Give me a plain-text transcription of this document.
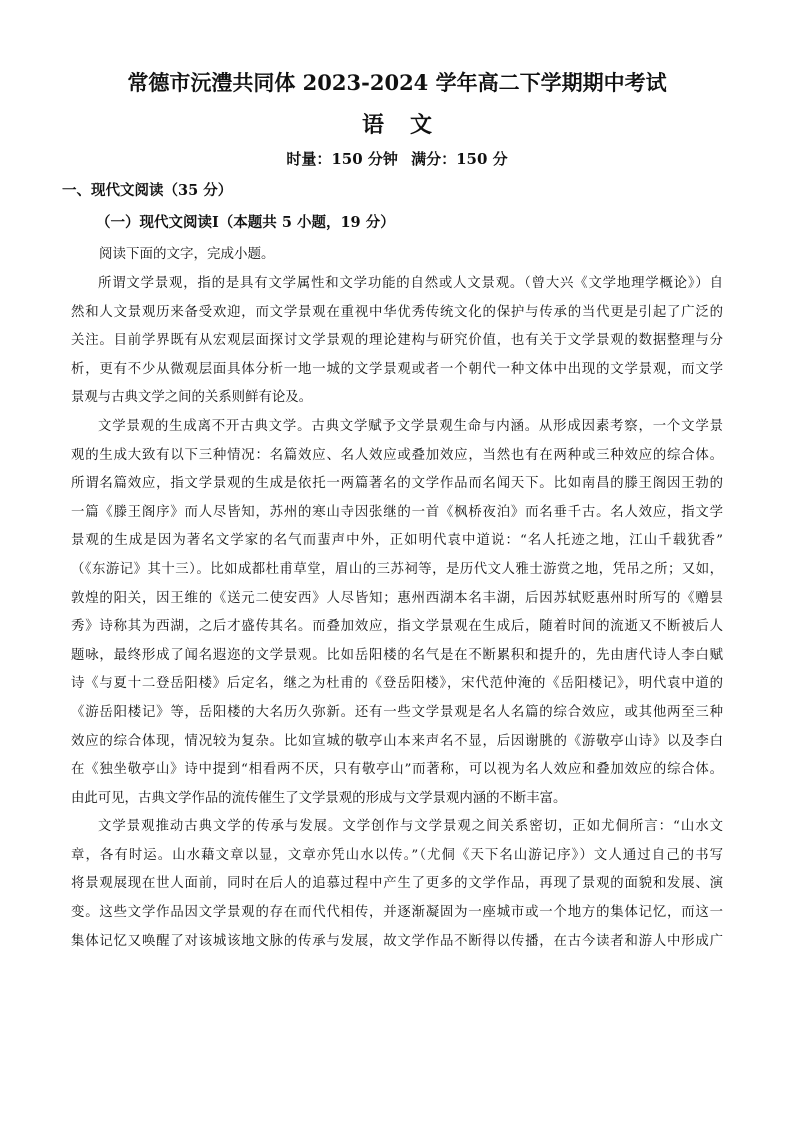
常德市沅澧共同体 2023-2024 学年高二下学期期中考试
语文
时量：150 分钟 满分：150 分
一、现代文阅读（35 分）
（一）现代文阅读Ⅰ（本题共 5 小题，19 分）

阅读下面的文字，完成小题。

所谓文学景观，指的是具有文学属性和文学功能的自然或人文景观。（曾大兴《文学地理学概论》）自
然和人文景观历来备受欢迎，而文学景观在重视中华优秀传统文化的保护与传承的当代更是引起了广泛的
关注。目前学界既有从宏观层面探讨文学景观的理论建构与研究价值，也有关于文学景观的数据整理与分
析，更有不少从微观层面具体分析一地一城的文学景观或者一个朝代一种文体中出现的文学景观，而文学
景观与古典文学之间的关系则鲜有论及。
文学景观的生成离不开古典文学。古典文学赋予文学景观生命与内涵。从形成因素考察，一个文学景
观的生成大致有以下三种情况：名篇效应、名人效应或叠加效应，当然也有在两种或三种效应的综合体。
所谓名篇效应，指文学景观的生成是依托一两篇著名的文学作品而名闻天下。比如南昌的滕王阁因王勃的
一篇《滕王阁序》而人尽皆知，苏州的寒山寺因张继的一首《枫桥夜泊》而名垂千古。名人效应，指文学
景观的生成是因为著名文学家的名气而蜚声中外，正如明代袁中道说：“名人托迹之地，江山千载犹香”
（《东游记》其十三）。比如成都杜甫草堂，眉山的三苏祠等，是历代文人雅士游赏之地，凭吊之所；又如，
敦煌的阳关，因王维的《送元二使安西》人尽皆知；惠州西湖本名丰湖，后因苏轼贬惠州时所写的《赠昙
秀》诗称其为西湖，之后才盛传其名。而叠加效应，指文学景观在生成后，随着时间的流逝又不断被后人
题咏，最终形成了闻名遐迩的文学景观。比如岳阳楼的名气是在不断累积和提升的，先由唐代诗人李白赋
诗《与夏十二登岳阳楼》后定名，继之为杜甫的《登岳阳楼》，宋代范仲淹的《岳阳楼记》，明代袁中道的
《游岳阳楼记》等，岳阳楼的大名历久弥新。还有一些文学景观是名人名篇的综合效应，或其他两至三种
效应的综合体现，情况较为复杂。比如宣城的敬亭山本来声名不显，后因谢朓的《游敬亭山诗》以及李白
在《独坐敬亭山》诗中提到“相看两不厌，只有敬亭山”而著称，可以视为名人效应和叠加效应的综合体。
由此可见，古典文学作品的流传催生了文学景观的形成与文学景观内涵的不断丰富。
文学景观推动古典文学的传承与发展。文学创作与文学景观之间关系密切，正如尤侗所言：“山水文
章，各有时运。山水藉文章以显，文章亦凭山水以传。”（尤侗《天下名山游记序》）文人通过自己的书写
将景观展现在世人面前，同时在后人的追慕过程中产生了更多的文学作品，再现了景观的面貌和发展、演
变。这些文学作品因文学景观的存在而代代相传，并逐渐凝固为一座城市或一个地方的集体记忆，而这一
集体记忆又唤醒了对该城该地文脉的传承与发展，故文学作品不断得以传播，在古今读者和游人中形成广
